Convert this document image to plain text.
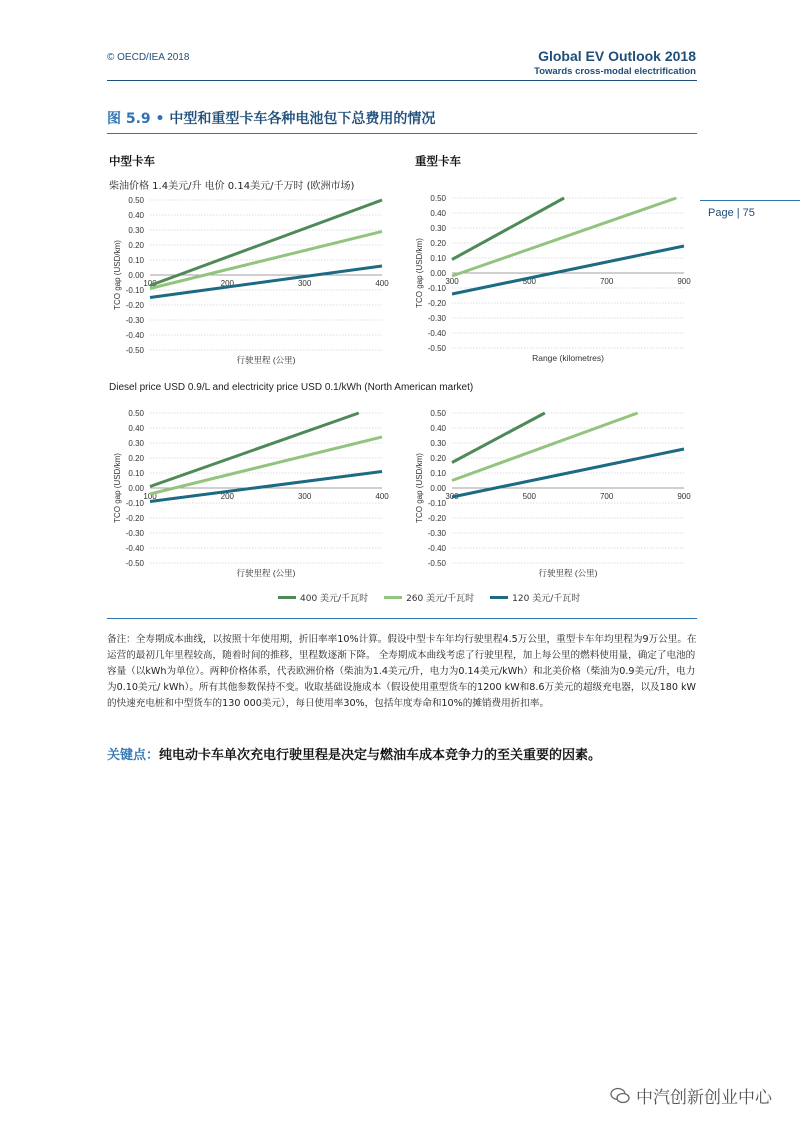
© OECD/IEA 2018	Global EV Outlook 2018
Towards cross-modal electrification
图 5.9 • 中型和重型卡车各种电池包下总费用的情况
Page | 75
中型卡车	重型卡车
柴油价格 1.4美元/升 电价 0.14美元/千万时 (欧洲市场)
Diesel price USD 0.9/L and electricity price USD 0.1/kWh (North American market)
0.50
0.40
0.30
0.20
0.10
0.00
-0.10
-0.20
-0.30
-0.40
-0.50
100	200	300	400
TCO gap (USD/km)
行驶里程 (公里)
0.50
0.40
0.30
0.20
0.10
0.00
-0.10
-0.20
-0.30
-0.40
-0.50
300	500	700	900
TCO gap (USD/km)
Range (kilometres)
0.50
0.40
0.30
0.20
0.10
0.00
-0.10
-0.20
-0.30
-0.40
-0.50
100	200	300	400
TCO gap (USD/km)
行驶里程 (公里)
0.50
0.40
0.30
0.20
0.10
0.00
-0.10
-0.20
-0.30
-0.40
-0.50
300	500	700	900
TCO gap (USD/km)
行驶里程 (公里)
400 美元/千瓦时	260 美元/千瓦时	120 美元/千瓦时
备注：全寿期成本曲线，以按照十年使用期，折旧率率10%计算。假设中型卡车年均行驶里程4.5万公里，重型卡车年均里程为9万公里。在运营的最初几年里程较高，随着时间的推移，里程数逐渐下降。 全寿期成本曲线考虑了行驶里程，加上每公里的燃料使用量，确定了电池的容量（以kWh为单位）。两种价格体系，代表欧洲价格（柴油为1.4美元/升，电力为0.14美元/kWh）和北美价格（柴油为0.9美元/升，电力为0.10美元/ kWh）。所有其他参数保持不变。收取基础设施成本（假设使用重型货车的1200 kW和8.6万美元的超级充电器，以及180 kW的快速充电桩和中型货车的130 000美元），每日使用率30%，包括年度寿命和10%的摊销费用折扣率。
关键点：纯电动卡车单次充电行驶里程是决定与燃油车成本竞争力的至关重要的因素。
中汽创新创业中心
